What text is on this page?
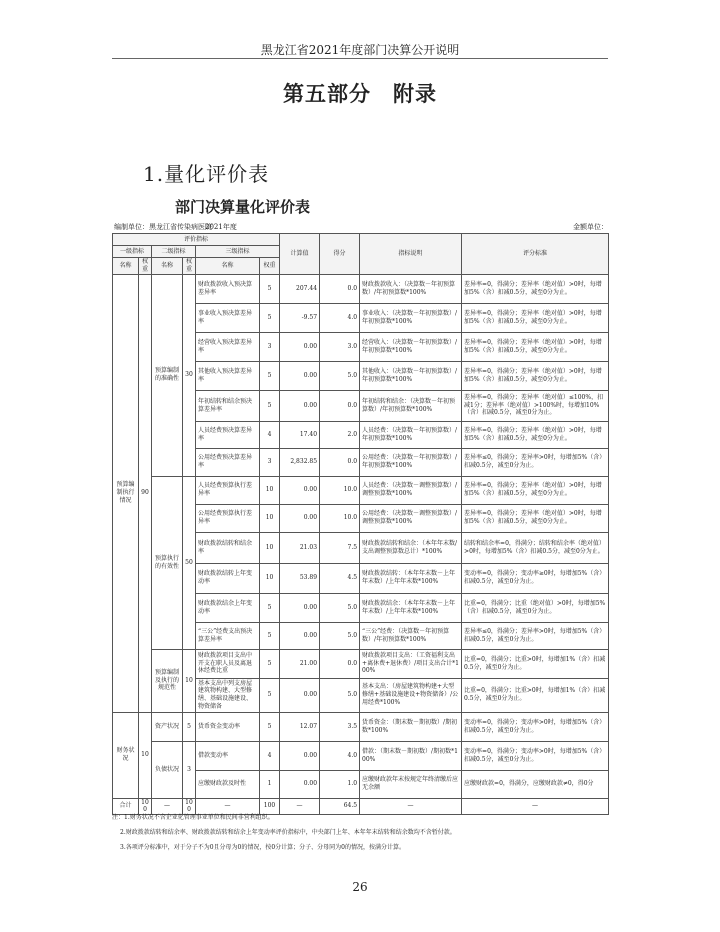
黑龙江省2021年度部门决算公开说明
第五部分　附录
1.量化评价表
部门决算量化评价表
编制单位：黑龙江省传染病医院
2021年度	金额单位：
评价指标						计算值	得分	指标说明	评分标准
一级指标		二级指标		三级指标					
名称	权重	名称	权重	名称	权重				
预算编制执行情况	90	预算编制的准确性	30	财政拨款收入预决算差异率	5	207.44	0.0	财政拨款收入：（决算数－年初预算数）/年初预算数*100%	差异率=0，得满分；差异率（绝对值）>0时，每增加5%（含）扣减0.5分，减至0分为止。
				事业收入预决算差异率	5	-9.57	4.0	事业收入：（决算数－年初预算数）/年初预算数*100%	差异率=0，得满分；差异率（绝对值）>0时，每增加5%（含）扣减0.5分，减至0分为止。
				经营收入预决算差异率	3	0.00	3.0	经营收入：（决算数－年初预算数）/年初预算数*100%	差异率=0，得满分；差异率（绝对值）>0时，每增加5%（含）扣减0.5分，减至0分为止。
				其他收入预决算差异率	5	0.00	5.0	其他收入：（决算数－年初预算数）/年初预算数*100%	差异率=0，得满分；差异率（绝对值）>0时，每增加5%（含）扣减0.5分，减至0分为止。
				年初结转和结余预决算差异率	5	0.00	0.0	年初结转和结余：（决算数－年初预算数）/年初预算数*100%	差异率=0，得满分；差异率（绝对值）≤100%，扣减1分；差异率（绝对值）>100%时，每增加10%（含）扣减0.5分，减至0分为止。
				人员经费预决算差异率	4	17.40	2.0	人员经费：（决算数－年初预算数）/年初预算数*100%	差异率=0，得满分；差异率（绝对值）>0时，每增加5%（含）扣减0.5分，减至0分为止。
				公用经费预决算差异率	3	2,832.85	0.0	公用经费：（决算数－年初预算数）/年初预算数*100%	差异率≤0，得满分；差异率>0时，每增加5%（含）扣减0.5分，减至0分为止。
		预算执行的有效性	50	人员经费预算执行差异率	10	0.00	10.0	人员经费：（决算数－调整预算数）/调整预算数*100%	差异率=0，得满分；差异率（绝对值）>0时，每增加5%（含）扣减0.5分，减至0分为止。
				公用经费预算执行差异率	10	0.00	10.0	公用经费：（决算数－调整预算数）/调整预算数*100%	差异率=0，得满分；差异率（绝对值）>0时，每增加5%（含）扣减0.5分，减至0分为止。
				财政拨款结转和结余率	10	21.03	7.5	财政拨款结转和结余：（本年年末数/支出调整预算数总计）*100%	结转和结余率=0，得满分；结转和结余率（绝对值）>0时，每增加5%（含）扣减0.5分，减至0分为止。
				财政拨款结转上年变动率	10	53.89	4.5	财政拨款结转：（本年年末数－上年年末数）/上年年末数*100%	变动率=0，得满分；变动率≥0时，每增加5%（含）扣减0.5分，减至0分为止。
				财政拨款结余上年变动率	5	0.00	5.0	财政拨款结余：（本年年末数－上年年末数）/上年年末数*100%	比重=0，得满分；比重（绝对值）>0时，每增加5%（含）扣减0.5分，减至0分为止。
				“三公”经费支出预决算差异率	5	0.00	5.0	“三公”经费：（决算数－年初预算数）/年初预算数*100%	差异率≤0，得满分；差异率>0时，每增加5%（含）扣减0.5分，减至0分为止。
		预算编制及执行的规范性	10	财政拨款项目支出中开支在职人员及离退休经费比重	5	21.00	0.0	财政拨款项目支出：（工资福利支出+离休费+退休费）/项目支出合计*100%	比重=0，得满分；比重>0时，每增加1%（含）扣减0.5分，减至0分为止。
				基本支出中列支房屋建筑物构建、大型修缮、基础设施建设、物资储备	5	0.00	5.0	基本支出：（房屋建筑物构建+大型修缮+基础设施建设+物资储备）/公用经费*100%	比重=0，得满分；比重>0时，每增加1%（含）扣减0.5分，减至0分为止。
财务状况	10	资产状况	5	货币资金变动率	5	12.07	3.5	货币资金：（期末数－期初数）/期初数*100%	变动率=0，得满分；变动率>0时，每增加5%（含）扣减0.5分，减至0分为止。
		负债状况	3	借款变动率	4	0.00	4.0	借款：（期末数－期初数）/期初数*100%	变动率=0，得满分；变动率>0时，每增加5%（含）扣减0.5分，减至0分为止。
				应缴财政款及时性	1	0.00	1.0	应缴财政款年末按规定年终清缴后应无余额	应缴财政款=0，得满分，应缴财政款≠0，得0分
合计	100	—	100	—	100	—	64.5	—	—
注：1.财务状况不含企业化管理事业单位和民间非营利组织。
2.财政拨款结转和结余率、财政拨款结转和结余上年变动率评价指标中，中央部门上年、本年年末结转和结余数均不含暂付款。
3.各项评分标准中，对于分子不为0且分母为0的情况，按0分计算；分子、分母同为0的情况，按满分计算。
26
